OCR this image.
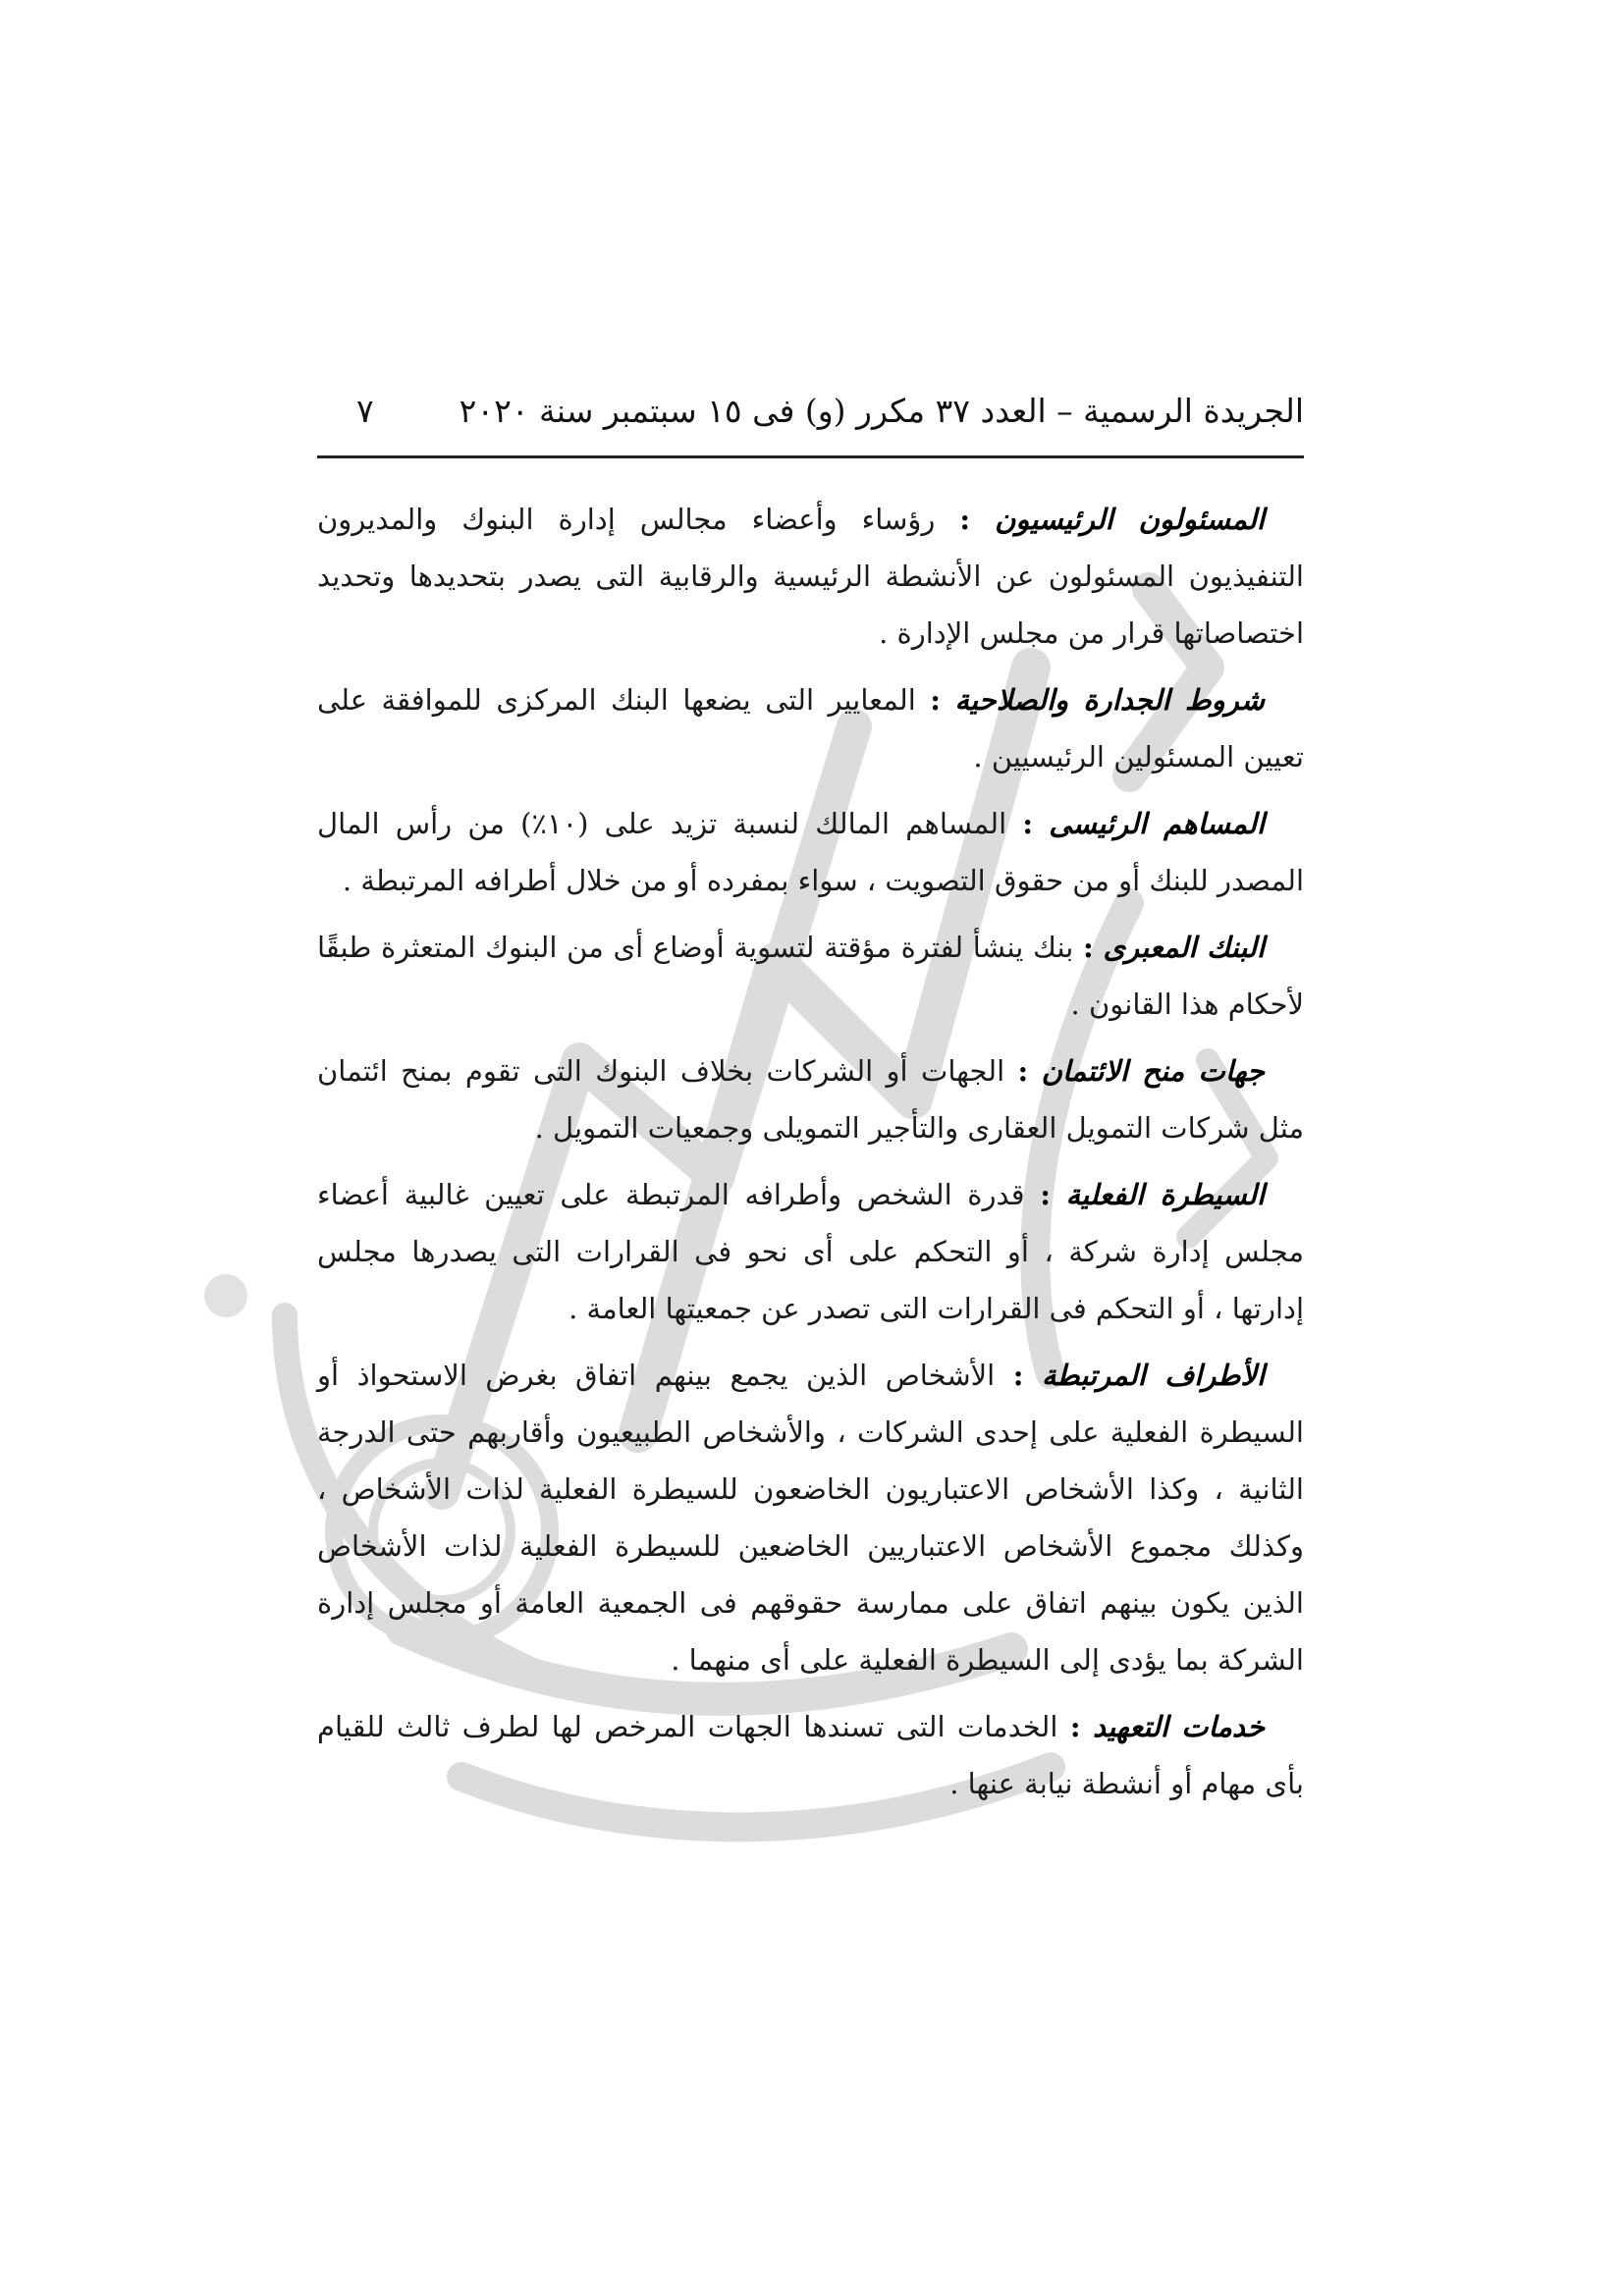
الجريدة الرسمية – العدد ٣٧ مكرر (و) فى ١٥ سبتمبر سنة ٢٠٢٠
٧

المسئولون الرئيسيون : رؤساء وأعضاء مجالس إدارة البنوك والمديرون التنفيذيون المسئولون عن الأنشطة الرئيسية والرقابية التى يصدر بتحديدها وتحديد اختصاصاتها قرار من مجلس الإدارة .

شروط الجدارة والصلاحية : المعايير التى يضعها البنك المركزى للموافقة على تعيين المسئولين الرئيسيين .

المساهم الرئيسى : المساهم المالك لنسبة تزيد على (١٠٪) من رأس المال المصدر للبنك أو من حقوق التصويت ، سواء بمفرده أو من خلال أطرافه المرتبطة .

البنك المعبرى : بنك ينشأ لفترة مؤقتة لتسوية أوضاع أى من البنوك المتعثرة طبقًا لأحكام هذا القانون .

جهات منح الائتمان : الجهات أو الشركات بخلاف البنوك التى تقوم بمنح ائتمان مثل شركات التمويل العقارى والتأجير التمويلى وجمعيات التمويل .

السيطرة الفعلية : قدرة الشخص وأطرافه المرتبطة على تعيين غالبية أعضاء مجلس إدارة شركة ، أو التحكم على أى نحو فى القرارات التى يصدرها مجلس إدارتها ، أو التحكم فى القرارات التى تصدر عن جمعيتها العامة .

الأطراف المرتبطة : الأشخاص الذين يجمع بينهم اتفاق بغرض الاستحواذ أو السيطرة الفعلية على إحدى الشركات ، والأشخاص الطبيعيون وأقاربهم حتى الدرجة الثانية ، وكذا الأشخاص الاعتباريون الخاضعون للسيطرة الفعلية لذات الأشخاص ، وكذلك مجموع الأشخاص الاعتباريين الخاضعين للسيطرة الفعلية لذات الأشخاص الذين يكون بينهم اتفاق على ممارسة حقوقهم فى الجمعية العامة أو مجلس إدارة الشركة بما يؤدى إلى السيطرة الفعلية على أى منهما .

خدمات التعهيد : الخدمات التى تسندها الجهات المرخص لها لطرف ثالث للقيام بأى مهام أو أنشطة نيابة عنها .
